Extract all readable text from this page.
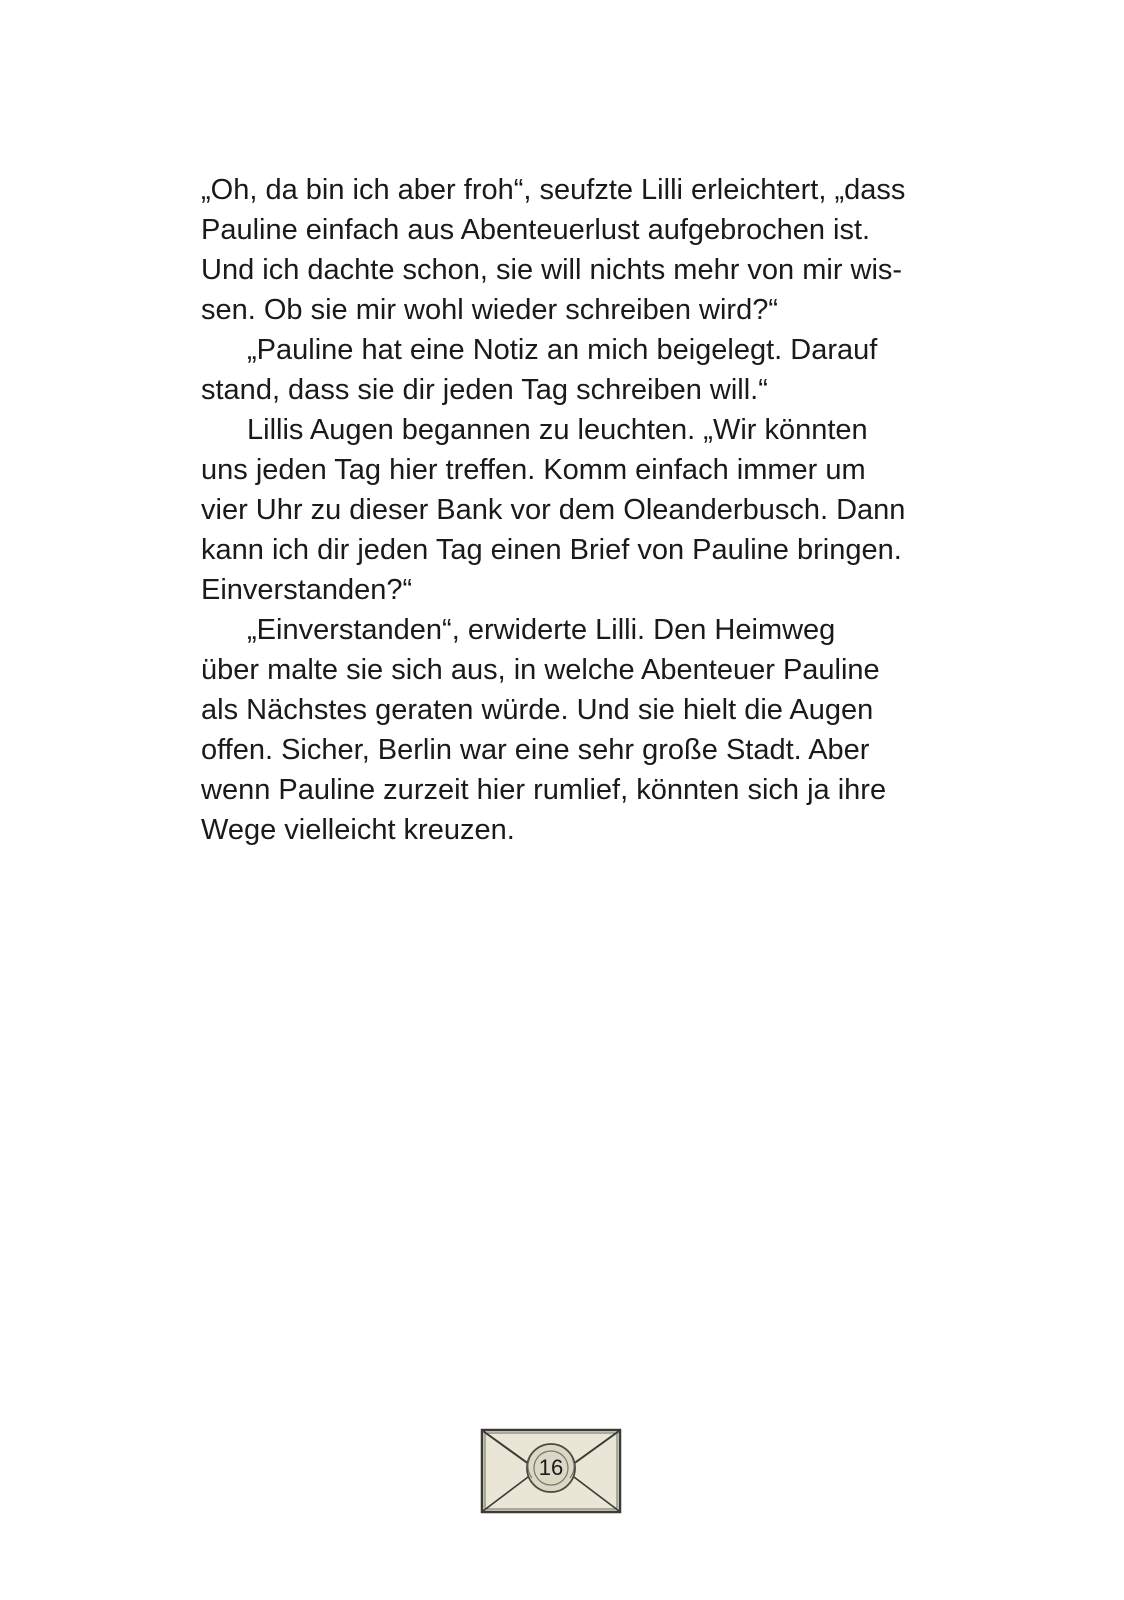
„Oh, da bin ich aber froh“, seufzte Lilli erleichtert, „dass
Pauline einfach aus Abenteuerlust aufgebrochen ist.
Und ich dachte schon, sie will nichts mehr von mir wis-
sen. Ob sie mir wohl wieder schreiben wird?“
„Pauline hat eine Notiz an mich beigelegt. Darauf
stand, dass sie dir jeden Tag schreiben will.“
Lillis Augen begannen zu leuchten. „Wir könnten
uns jeden Tag hier treffen. Komm einfach immer um
vier Uhr zu dieser Bank vor dem Oleanderbusch. Dann
kann ich dir jeden Tag einen Brief von Pauline bringen.
Einverstanden?“
„Einverstanden“, erwiderte Lilli. Den Heimweg
über malte sie sich aus, in welche Abenteuer Pauline
als Nächstes geraten würde. Und sie hielt die Augen
offen. Sicher, Berlin war eine sehr große Stadt. Aber
wenn Pauline zurzeit hier rumlief, könnten sich ja ihre
Wege vielleicht kreuzen.
16
